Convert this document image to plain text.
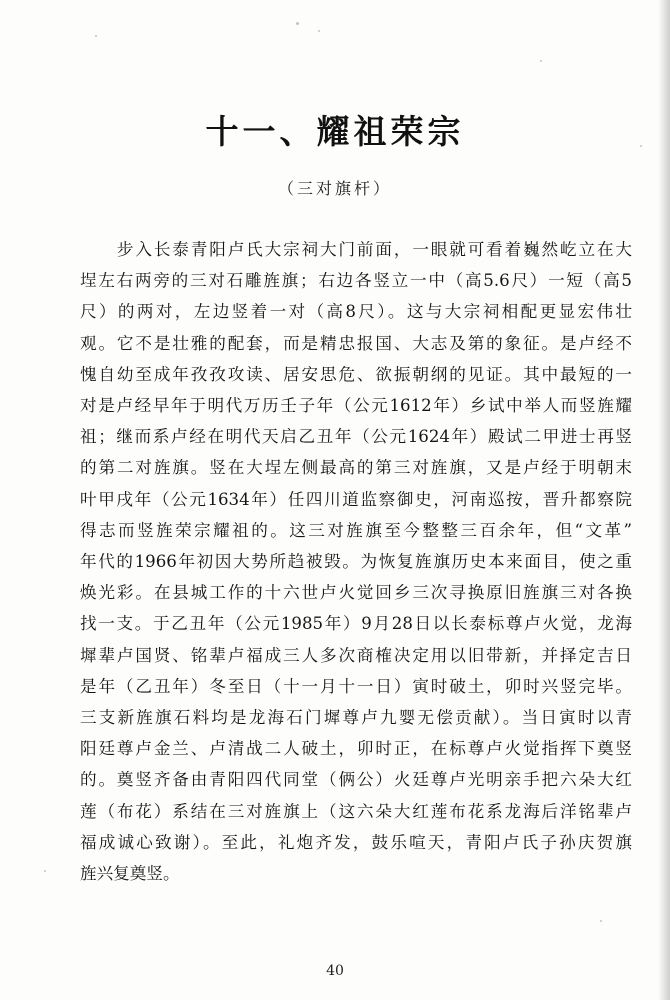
十一、耀祖荣宗
（三对旗杆）
　　步入长泰青阳卢氏大宗祠大门前面，一眼就可看着巍然屹立在大
埕左右两旁的三对石雕旌旗；右边各竖立一中（高5.6尺）一短（高5
尺）的两对，左边竖着一对（高8尺）。这与大宗祠相配更显宏伟壮
观。它不是壮雅的配套，而是精忠报国、大志及第的象征。是卢经不
愧自幼至成年孜孜攻读、居安思危、欲振朝纲的见证。其中最短的一
对是卢经早年于明代万历壬子年（公元1612年）乡试中举人而竖旌耀
祖；继而系卢经在明代天启乙丑年（公元1624年）殿试二甲进士再竖
的第二对旌旗。竖在大埕左侧最高的第三对旌旗，又是卢经于明朝末
叶甲戌年（公元1634年）任四川道监察御史，河南巡按，晋升都察院
得志而竖旌荣宗耀祖的。这三对旌旗至今整整三百余年，但“文革”
年代的1966年初因大势所趋被毁。为恢复旌旗历史本来面目，使之重
焕光彩。在县城工作的十六世卢火觉回乡三次寻换原旧旌旗三对各换
找一支。于乙丑年（公元1985年）9月28日以长泰标尊卢火觉，龙海
墀辈卢国贤、铭辈卢福成三人多次商榷决定用以旧带新，并择定吉日
是年（乙丑年）冬至日（十一月十一日）寅时破土，卯时兴竖完毕。
三支新旌旗石料均是龙海石门墀尊卢九婴无偿贡献）。当日寅时以青
阳廷尊卢金兰、卢清战二人破土，卯时正，在标尊卢火觉指挥下奠竖
的。奠竖齐备由青阳四代同堂（俩公）火廷尊卢光明亲手把六朵大红
莲（布花）系结在三对旌旗上（这六朵大红莲布花系龙海后洋铭辈卢
福成诚心致谢）。至此，礼炮齐发，鼓乐喧天，青阳卢氏子孙庆贺旗
旌兴复奠竖。
40
